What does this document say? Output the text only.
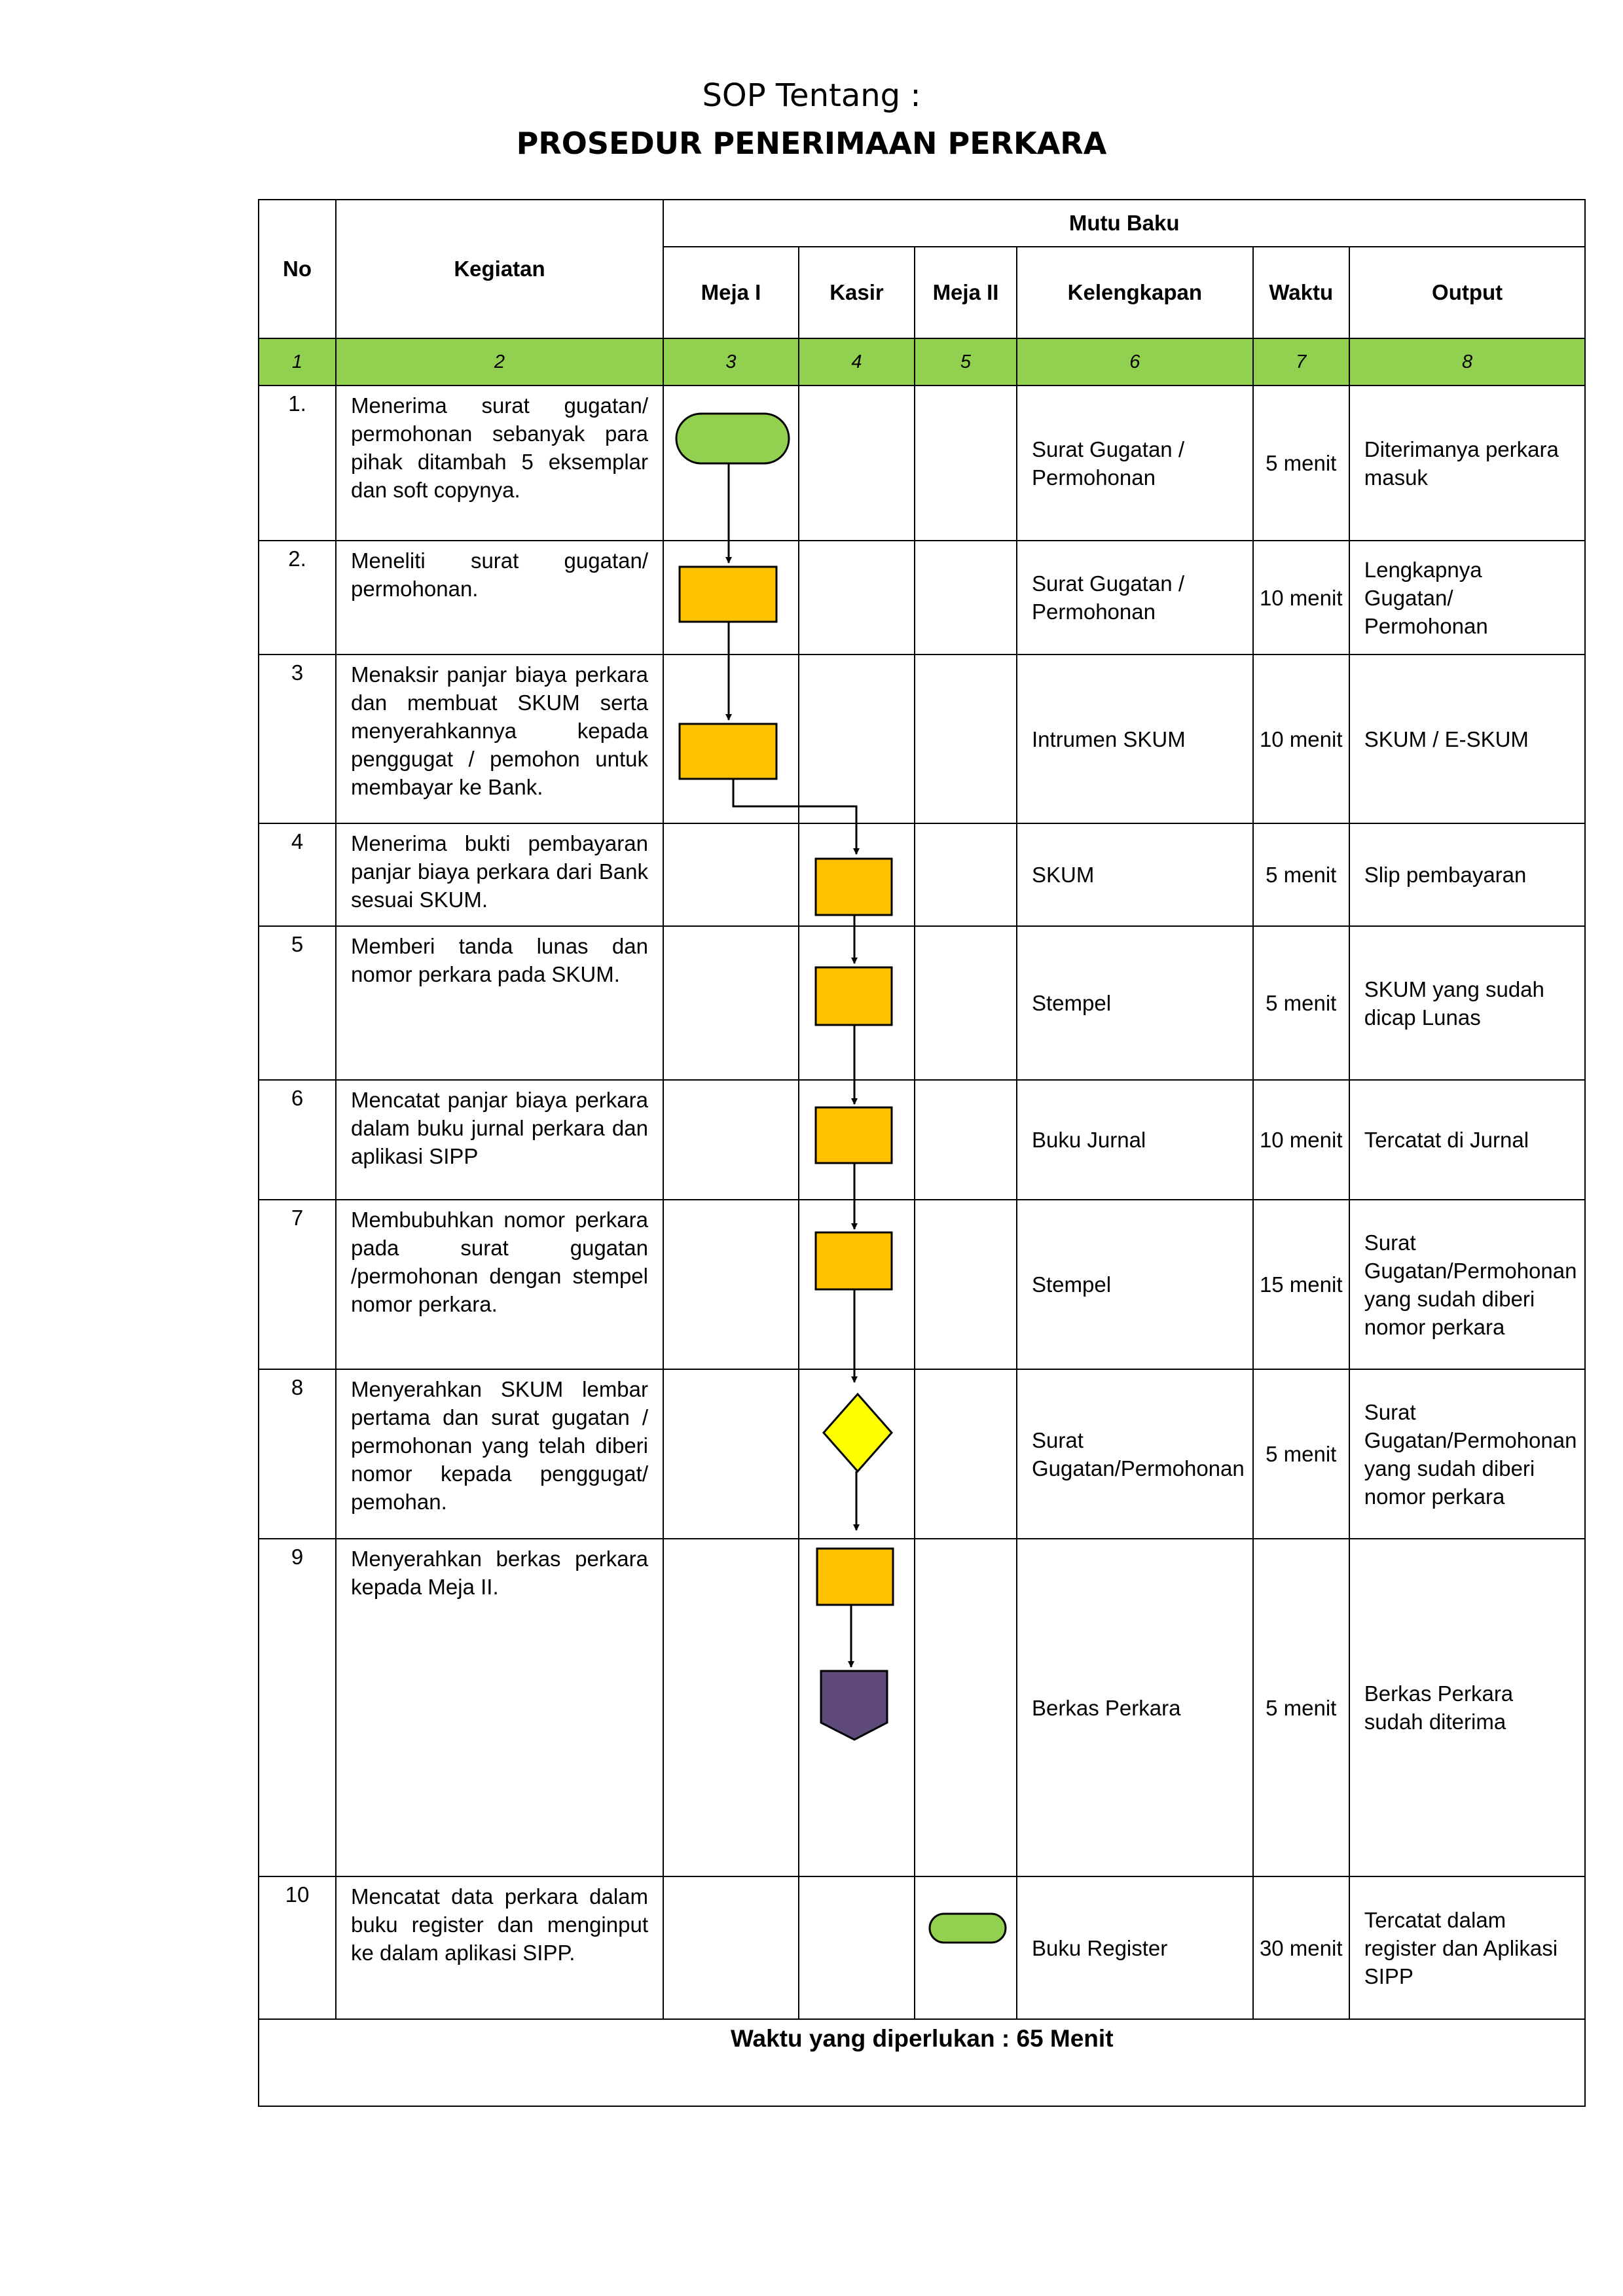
SOP Tentang :
PROSEDUR PENERIMAAN PERKARA
No	Kegiatan	Mutu Baku					
		Meja I	Kasir	Meja II	Kelengkapan	Waktu	Output
1	2	3	4	5	6	7	8
1.	Menerima surat gugatan/ permohonan sebanyak para pihak ditambah 5 eksemplar dan soft copynya.				Surat Gugatan / Permohonan	5 menit	Diterimanya perkara masuk
2.	Meneliti surat gugatan/ permohonan.				Surat Gugatan / Permohonan	10 menit	Lengkapnya Gugatan/ Permohonan
3	Menaksir panjar biaya perkara dan membuat SKUM serta menyerahkannya kepada penggugat / pemohon untuk membayar ke Bank.				Intrumen SKUM	10 menit	SKUM / E-SKUM
4	Menerima bukti pembayaran panjar biaya perkara dari Bank sesuai SKUM.				SKUM	5 menit	Slip pembayaran
5	Memberi tanda lunas dan nomor perkara pada SKUM.				Stempel	5 menit	SKUM yang sudah dicap Lunas
6	Mencatat panjar biaya perkara dalam buku jurnal perkara dan aplikasi SIPP				Buku Jurnal	10 menit	Tercatat di Jurnal
7	Membubuhkan nomor perkara pada surat gugatan /permohonan dengan stempel nomor perkara.				Stempel	15 menit	Surat Gugatan/Permohonan yang sudah diberi nomor perkara
8	Menyerahkan SKUM lembar pertama dan surat gugatan / permohonan yang telah diberi nomor kepada penggugat/ pemohan.				Surat Gugatan/Permohonan	5 menit	Surat Gugatan/Permohonan yang sudah diberi nomor perkara
9	Menyerahkan berkas perkara kepada Meja II.				Berkas Perkara	5 menit	Berkas Perkara sudah diterima
10	Mencatat data perkara dalam buku register dan menginput ke dalam aplikasi SIPP.				Buku Register	30 menit	Tercatat dalam register dan Aplikasi SIPP
Waktu yang diperlukan : 65 Menit							
